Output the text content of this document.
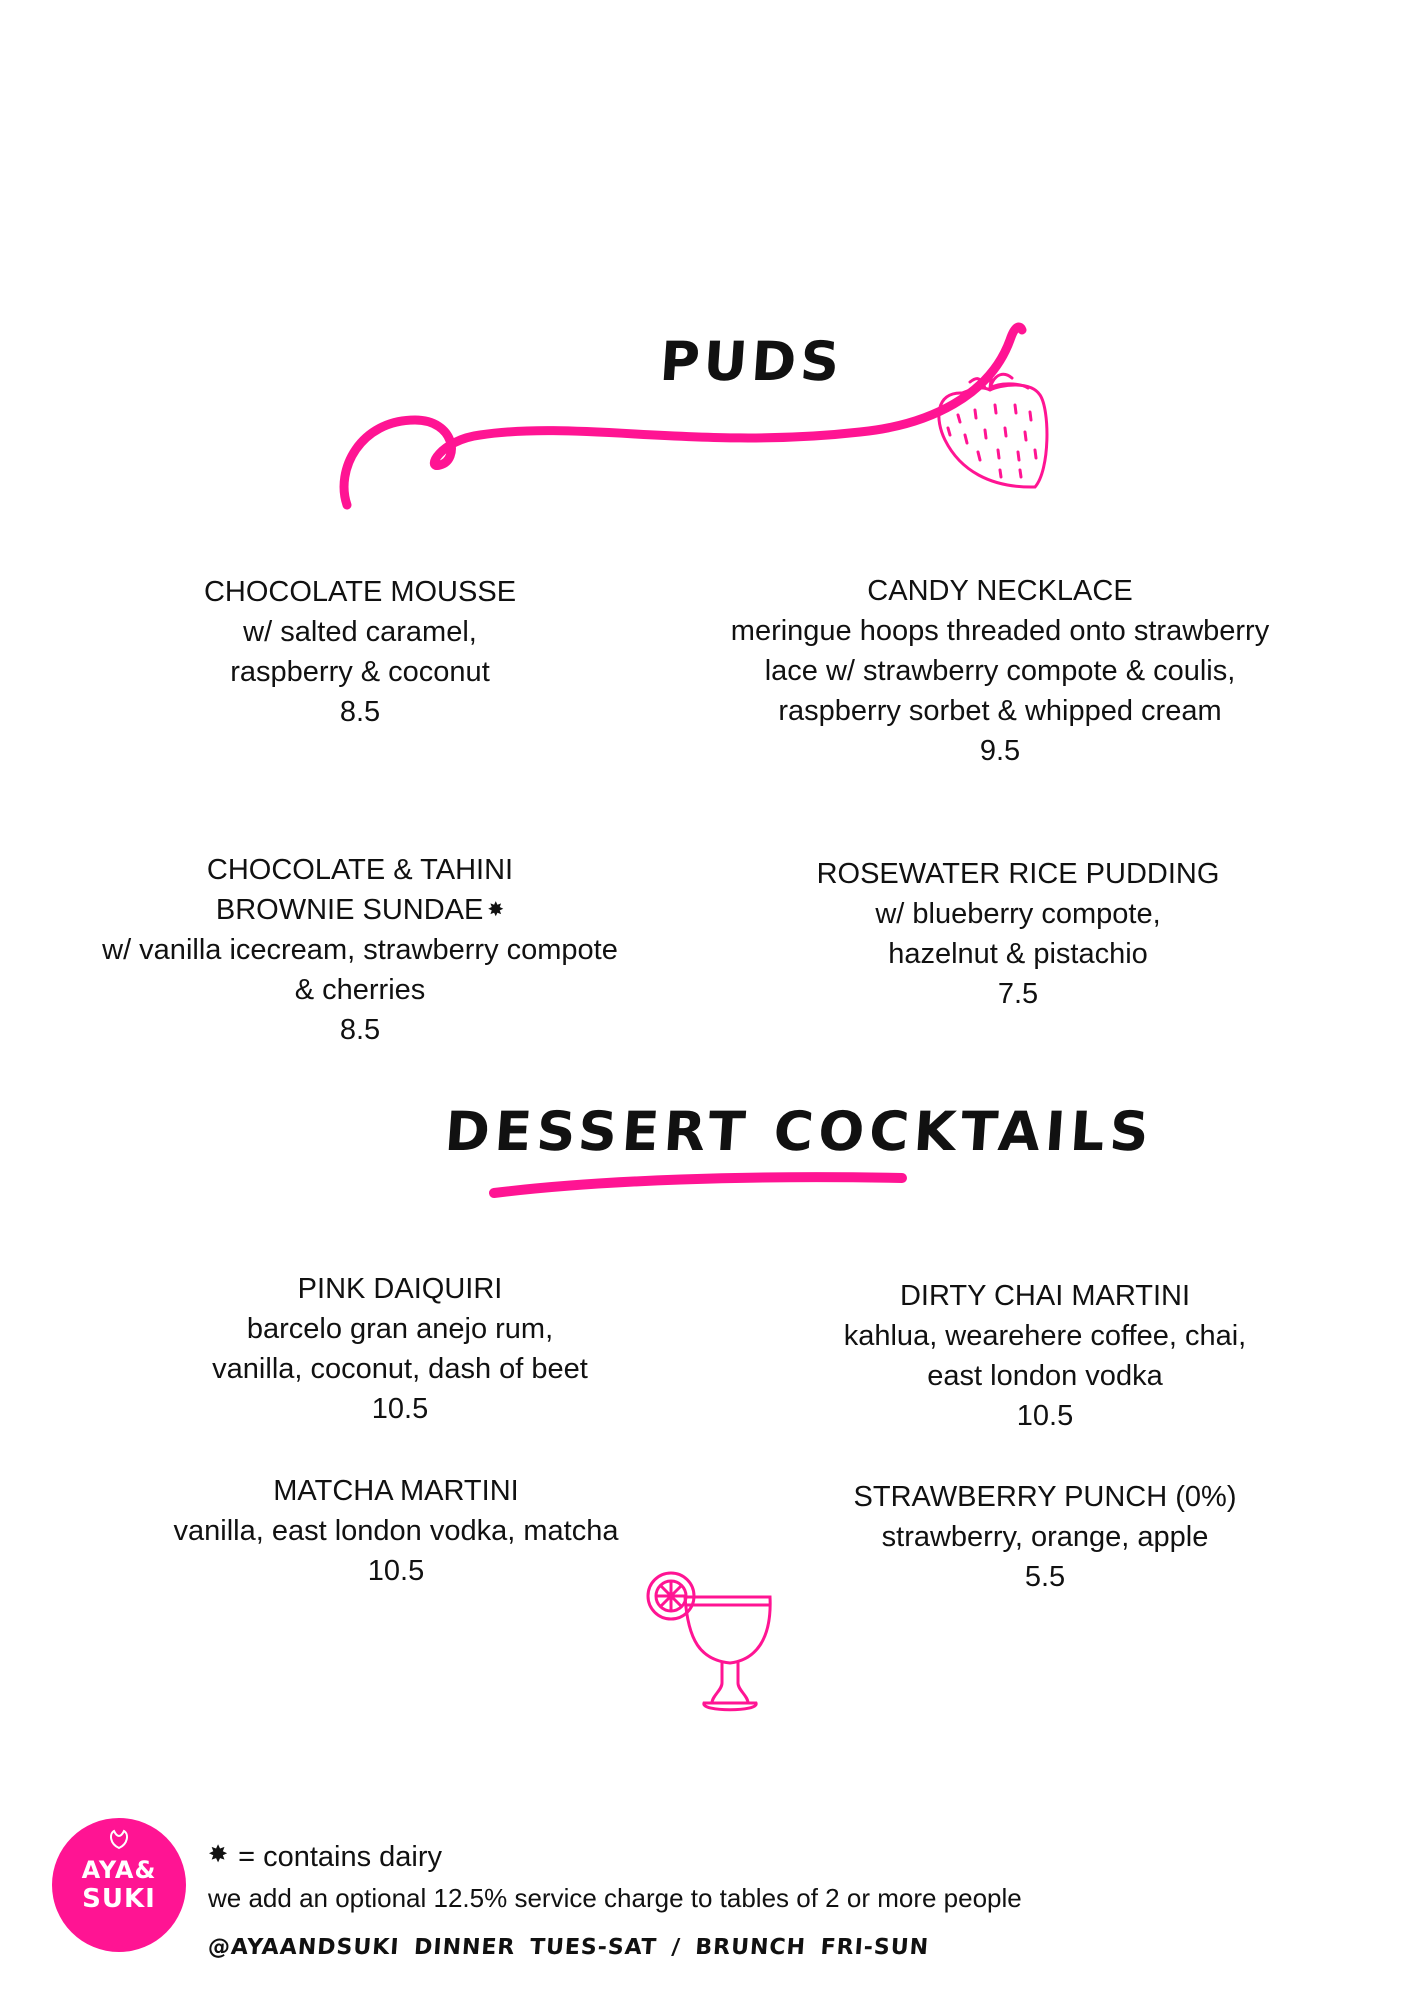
PUDS
CHOCOLATE MOUSSE
w/ salted caramel,
raspberry & coconut
8.5
CANDY NECKLACE
meringue hoops threaded onto strawberry
lace w/ strawberry compote & coulis,
raspberry sorbet & whipped cream
9.5
CHOCOLATE & TAHINI
BROWNIE SUNDAE ✸
w/ vanilla icecream, strawberry compote
& cherries
8.5
ROSEWATER RICE PUDDING
w/ blueberry compote,
hazelnut & pistachio
7.5
DESSERT COCKTAILS
PINK DAIQUIRI
barcelo gran anejo rum,
vanilla, coconut, dash of beet
10.5
DIRTY CHAI MARTINI
kahlua, wearehere coffee, chai,
east london vodka
10.5
MATCHA MARTINI
vanilla, east london vodka, matcha
10.5
STRAWBERRY PUNCH (0%)
strawberry, orange, apple
5.5
AYA&
SUKI
✸ = contains dairy
we add an optional 12.5% service charge to tables of 2 or more people
@AYAANDSUKI DINNER TUES-SAT / BRUNCH FRI-SUN
